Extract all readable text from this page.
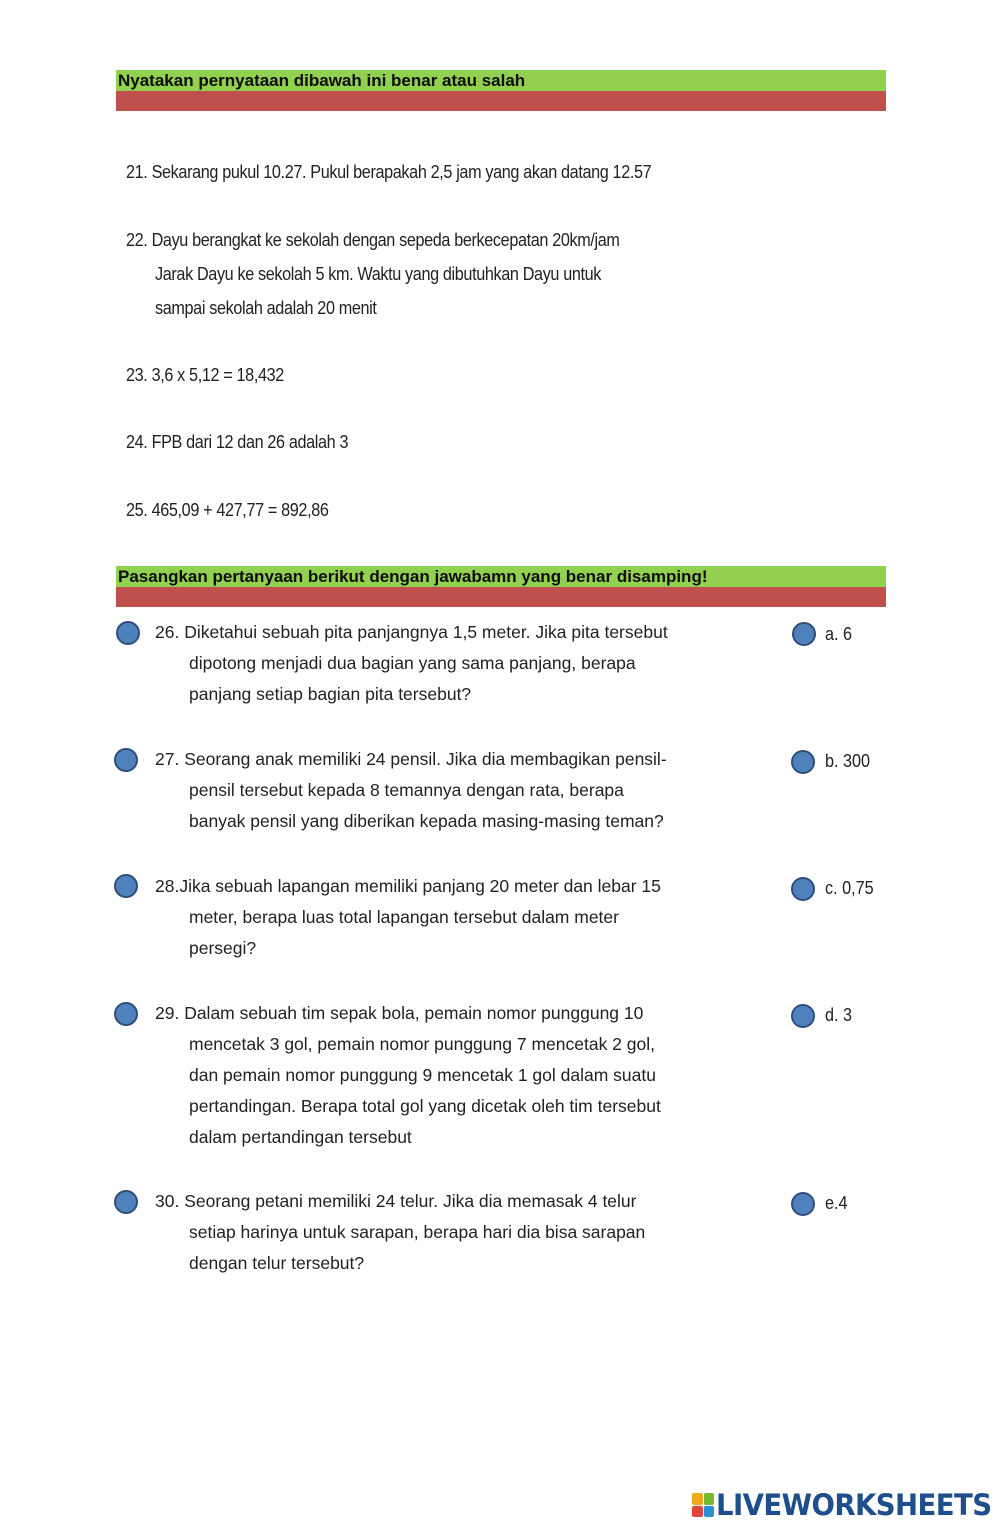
Nyatakan pernyataan dibawah ini benar atau salah
21. Sekarang pukul 10.27. Pukul berapakah 2,5 jam yang akan datang 12.57
22. Dayu berangkat ke sekolah dengan sepeda berkecepatan 20km/jam
Jarak Dayu ke sekolah 5 km. Waktu yang dibutuhkan Dayu untuk
sampai sekolah adalah 20 menit
23. 3,6 x 5,12 = 18,432
24. FPB dari 12 dan 26 adalah 3
25. 465,09 + 427,77 = 892,86
Pasangkan pertanyaan berikut dengan jawabamn yang benar disamping!
26. Diketahui sebuah pita panjangnya 1,5 meter. Jika pita tersebut
dipotong menjadi dua bagian yang sama panjang, berapa
panjang setiap bagian pita tersebut?
27. Seorang anak memiliki 24 pensil. Jika dia membagikan pensil-
pensil tersebut kepada 8 temannya dengan rata, berapa
banyak pensil yang diberikan kepada masing-masing teman?
28.Jika sebuah lapangan memiliki panjang 20 meter dan lebar 15
meter, berapa luas total lapangan tersebut dalam meter
persegi?
29. Dalam sebuah tim sepak bola, pemain nomor punggung 10
mencetak 3 gol, pemain nomor punggung 7 mencetak 2 gol,
dan pemain nomor punggung 9 mencetak 1 gol dalam suatu
pertandingan. Berapa total gol yang dicetak oleh tim tersebut
dalam pertandingan tersebut
30. Seorang petani memiliki 24 telur. Jika dia memasak 4 telur
setiap harinya untuk sarapan, berapa hari dia bisa sarapan
dengan telur tersebut?
a. 6
b. 300
c. 0,75
d. 3
e.4
LIVEWORKSHEETS
